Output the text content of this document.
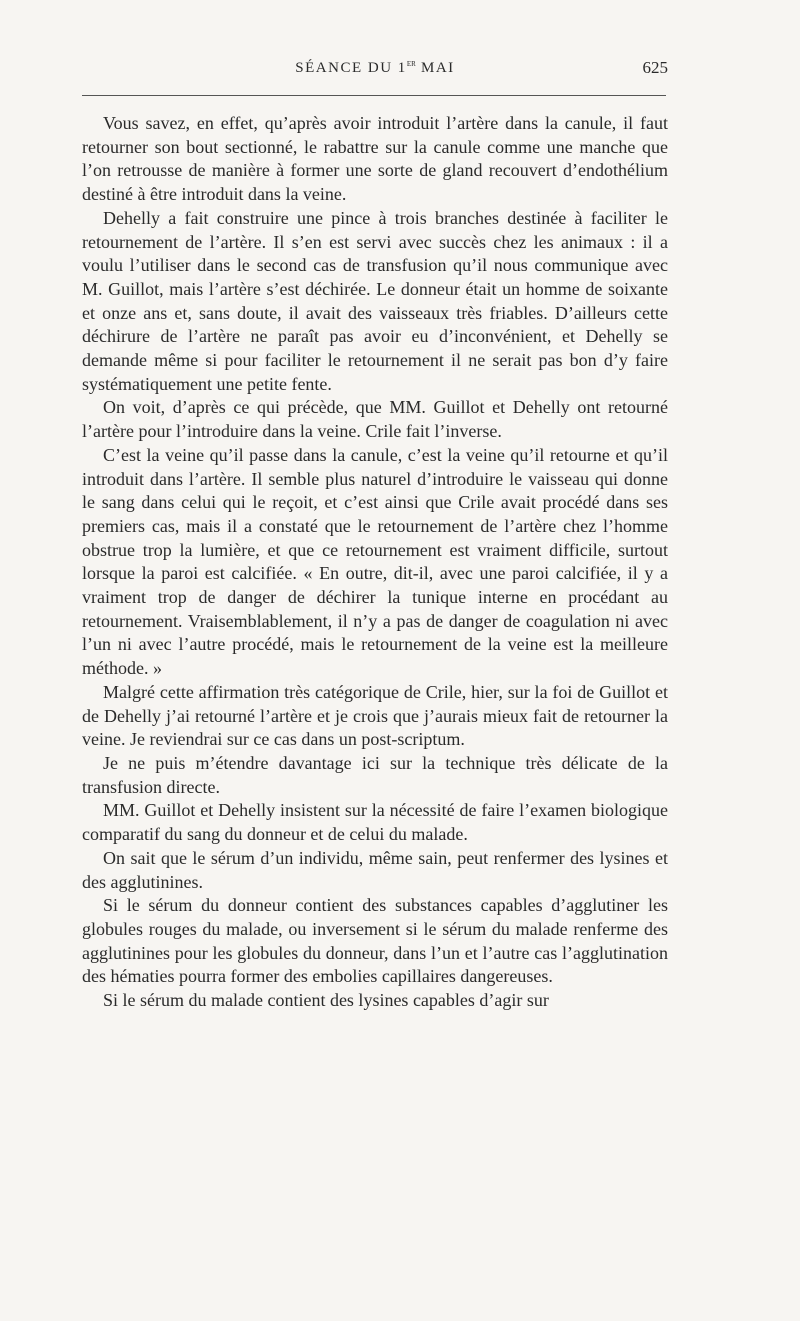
SÉANCE DU 1er MAI	625

Vous savez, en effet, qu’après avoir introduit l’artère dans la canule, il faut retourner son bout sectionné, le rabattre sur la canule comme une manche que l’on retrousse de manière à former une sorte de gland recouvert d’endothélium destiné à être introduit dans la veine.

Dehelly a fait construire une pince à trois branches destinée à faciliter le retournement de l’artère. Il s’en est servi avec succès chez les animaux : il a voulu l’utiliser dans le second cas de transfusion qu’il nous communique avec M. Guillot, mais l’artère s’est déchirée. Le donneur était un homme de soixante et onze ans et, sans doute, il avait des vaisseaux très friables. D’ailleurs cette déchirure de l’artère ne paraît pas avoir eu d’inconvénient, et Dehelly se demande même si pour faciliter le retournement il ne serait pas bon d’y faire systématiquement une petite fente.

On voit, d’après ce qui précède, que MM. Guillot et Dehelly ont retourné l’artère pour l’introduire dans la veine. Crile fait l’inverse.

C’est la veine qu’il passe dans la canule, c’est la veine qu’il retourne et qu’il introduit dans l’artère. Il semble plus naturel d’introduire le vaisseau qui donne le sang dans celui qui le reçoit, et c’est ainsi que Crile avait procédé dans ses premiers cas, mais il a constaté que le retournement de l’artère chez l’homme obstrue trop la lumière, et que ce retournement est vraiment difficile, surtout lorsque la paroi est calcifiée. « En outre, dit-il, avec une paroi calcifiée, il y a vraiment trop de danger de déchirer la tunique interne en procédant au retournement. Vraisemblablement, il n’y a pas de danger de coagulation ni avec l’un ni avec l’autre procédé, mais le retournement de la veine est la meilleure méthode. »

Malgré cette affirmation très catégorique de Crile, hier, sur la foi de Guillot et de Dehelly j’ai retourné l’artère et je crois que j’aurais mieux fait de retourner la veine. Je reviendrai sur ce cas dans un post-scriptum.

Je ne puis m’étendre davantage ici sur la technique très délicate de la transfusion directe.

MM. Guillot et Dehelly insistent sur la nécessité de faire l’examen biologique comparatif du sang du donneur et de celui du malade.

On sait que le sérum d’un individu, même sain, peut renfermer des lysines et des agglutinines.

Si le sérum du donneur contient des substances capables d’agglutiner les globules rouges du malade, ou inversement si le sérum du malade renferme des agglutinines pour les globules du donneur, dans l’un et l’autre cas l’agglutination des hématies pourra former des embolies capillaires dangereuses.

Si le sérum du malade contient des lysines capables d’agir sur
